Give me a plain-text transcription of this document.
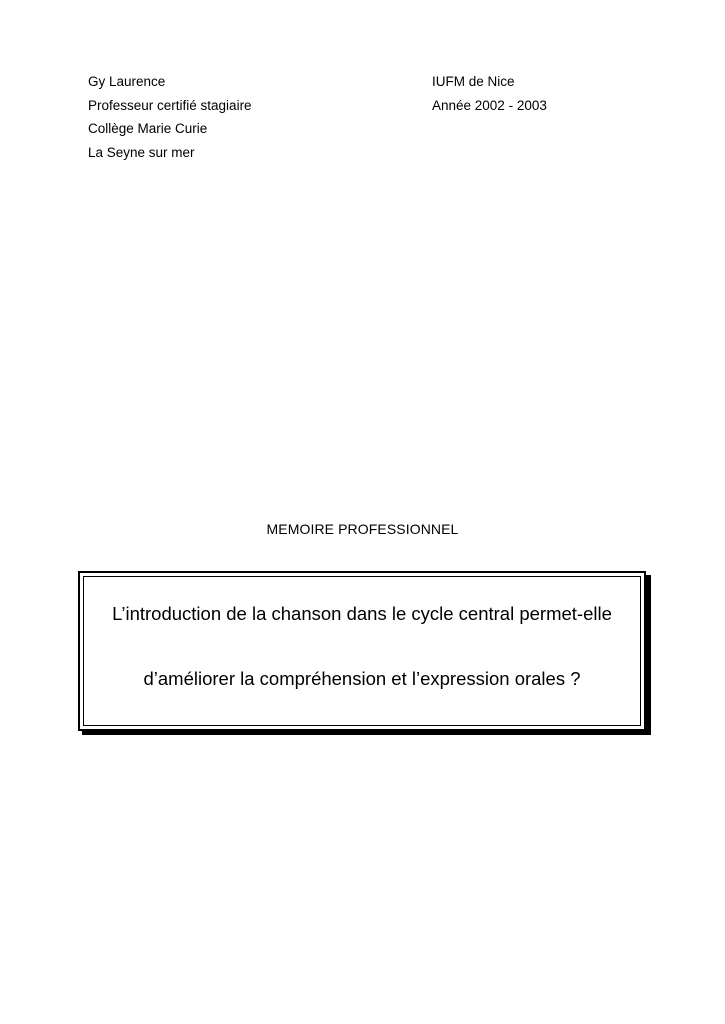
Gy Laurence
Professeur certifié stagiaire
Collège Marie Curie
La Seyne sur mer
IUFM de Nice
Année 2002 - 2003
MEMOIRE PROFESSIONNEL
L’introduction de la chanson dans le cycle central permet-elle
d’améliorer la compréhension et l’expression orales ?
